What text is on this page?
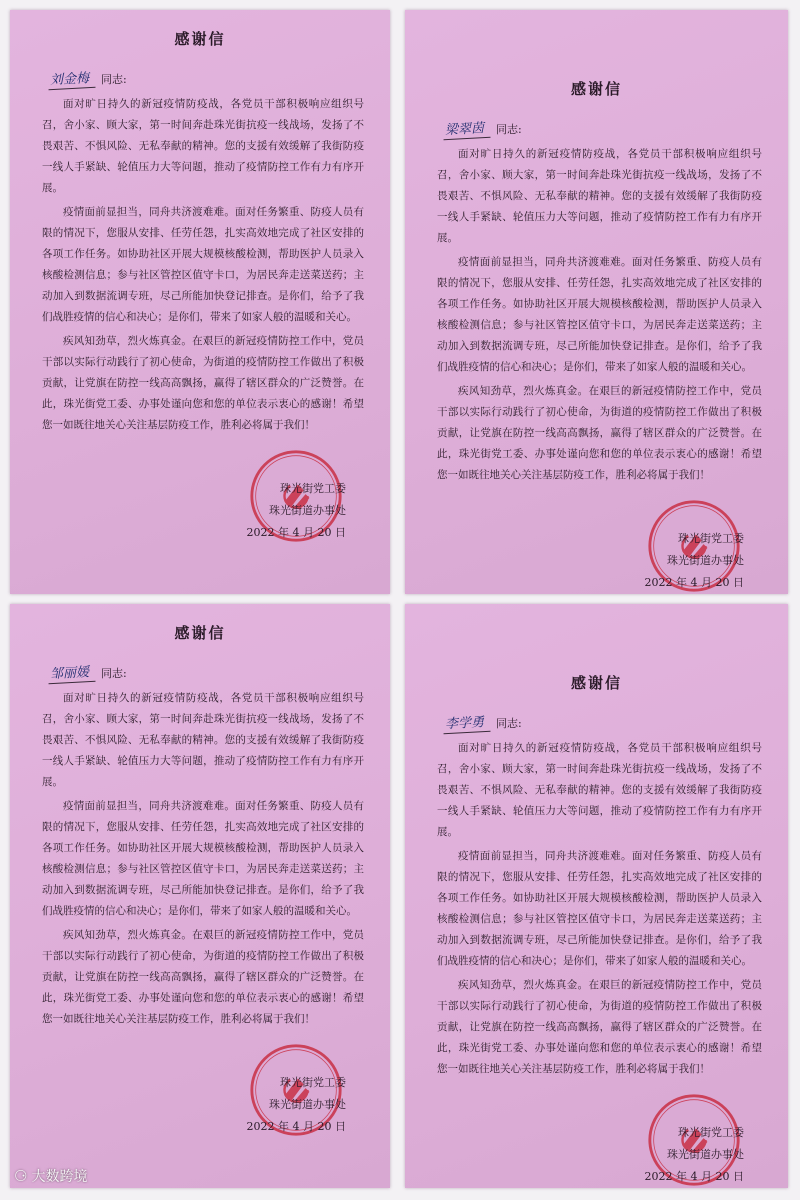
感谢信
刘金梅 同志:

面对旷日持久的新冠疫情防疫战，各党员干部积极响应组织号召，舍小家、顾大家，第一时间奔赴珠光街抗疫一线战场，发扬了不畏艰苦、不惧风险、无私奉献的精神。您的支援有效缓解了我街防疫一线人手紧缺、轮值压力大等问题，推动了疫情防控工作有力有序开展。

疫情面前显担当，同舟共济渡难难。面对任务繁重、防疫人员有限的情况下，您服从安排、任劳任怨，扎实高效地完成了社区安排的各项工作任务。如协助社区开展大规模核酸检测，帮助医护人员录入核酸检测信息；参与社区管控区值守卡口，为居民奔走送菜送药；主动加入到数据流调专班，尽己所能加快登记排查。是你们，给予了我们战胜疫情的信心和决心；是你们，带来了如家人般的温暖和关心。

疾风知劲草，烈火炼真金。在艰巨的新冠疫情防控工作中，党员干部以实际行动践行了初心使命，为街道的疫情防控工作做出了积极贡献，让党旗在防控一线高高飘扬，赢得了辖区群众的广泛赞誉。在此，珠光街党工委、办事处谨向您和您的单位表示衷心的感谢！希望您一如既往地关心关注基层防疫工作，胜利必将属于我们！

珠光街党工委
珠光街道办事处
2022 年 4 月 20 日
感谢信
梁翠茵 同志:

面对旷日持久的新冠疫情防疫战，各党员干部积极响应组织号召，舍小家、顾大家，第一时间奔赴珠光街抗疫一线战场，发扬了不畏艰苦、不惧风险、无私奉献的精神。您的支援有效缓解了我街防疫一线人手紧缺、轮值压力大等问题，推动了疫情防控工作有力有序开展。

疫情面前显担当，同舟共济渡难难。面对任务繁重、防疫人员有限的情况下，您服从安排、任劳任怨，扎实高效地完成了社区安排的各项工作任务。如协助社区开展大规模核酸检测，帮助医护人员录入核酸检测信息；参与社区管控区值守卡口，为居民奔走送菜送药；主动加入到数据流调专班，尽己所能加快登记排查。是你们，给予了我们战胜疫情的信心和决心；是你们，带来了如家人般的温暖和关心。

疾风知劲草，烈火炼真金。在艰巨的新冠疫情防控工作中，党员干部以实际行动践行了初心使命，为街道的疫情防控工作做出了积极贡献，让党旗在防控一线高高飘扬，赢得了辖区群众的广泛赞誉。在此，珠光街党工委、办事处谨向您和您的单位表示衷心的感谢！希望您一如既往地关心关注基层防疫工作，胜利必将属于我们！

珠光街党工委
珠光街道办事处
2022 年 4 月 20 日
感谢信
邹丽媛 同志:

面对旷日持久的新冠疫情防疫战，各党员干部积极响应组织号召，舍小家、顾大家，第一时间奔赴珠光街抗疫一线战场，发扬了不畏艰苦、不惧风险、无私奉献的精神。您的支援有效缓解了我街防疫一线人手紧缺、轮值压力大等问题，推动了疫情防控工作有力有序开展。

疫情面前显担当，同舟共济渡难难。面对任务繁重、防疫人员有限的情况下，您服从安排、任劳任怨，扎实高效地完成了社区安排的各项工作任务。如协助社区开展大规模核酸检测，帮助医护人员录入核酸检测信息；参与社区管控区值守卡口，为居民奔走送菜送药；主动加入到数据流调专班，尽己所能加快登记排查。是你们，给予了我们战胜疫情的信心和决心；是你们，带来了如家人般的温暖和关心。

疾风知劲草，烈火炼真金。在艰巨的新冠疫情防控工作中，党员干部以实际行动践行了初心使命，为街道的疫情防控工作做出了积极贡献，让党旗在防控一线高高飘扬，赢得了辖区群众的广泛赞誉。在此，珠光街党工委、办事处谨向您和您的单位表示衷心的感谢！希望您一如既往地关心关注基层防疫工作，胜利必将属于我们！

珠光街党工委
珠光街道办事处
2022 年 4 月 20 日
⚆ 大数跨境
感谢信
李学勇 同志:

面对旷日持久的新冠疫情防疫战，各党员干部积极响应组织号召，舍小家、顾大家，第一时间奔赴珠光街抗疫一线战场，发扬了不畏艰苦、不惧风险、无私奉献的精神。您的支援有效缓解了我街防疫一线人手紧缺、轮值压力大等问题，推动了疫情防控工作有力有序开展。

疫情面前显担当，同舟共济渡难难。面对任务繁重、防疫人员有限的情况下，您服从安排、任劳任怨，扎实高效地完成了社区安排的各项工作任务。如协助社区开展大规模核酸检测，帮助医护人员录入核酸检测信息；参与社区管控区值守卡口，为居民奔走送菜送药；主动加入到数据流调专班，尽己所能加快登记排查。是你们，给予了我们战胜疫情的信心和决心；是你们，带来了如家人般的温暖和关心。

疾风知劲草，烈火炼真金。在艰巨的新冠疫情防控工作中，党员干部以实际行动践行了初心使命，为街道的疫情防控工作做出了积极贡献，让党旗在防控一线高高飘扬，赢得了辖区群众的广泛赞誉。在此，珠光街党工委、办事处谨向您和您的单位表示衷心的感谢！希望您一如既往地关心关注基层防疫工作，胜利必将属于我们！

珠光街党工委
珠光街道办事处
2022 年 4 月 20 日
